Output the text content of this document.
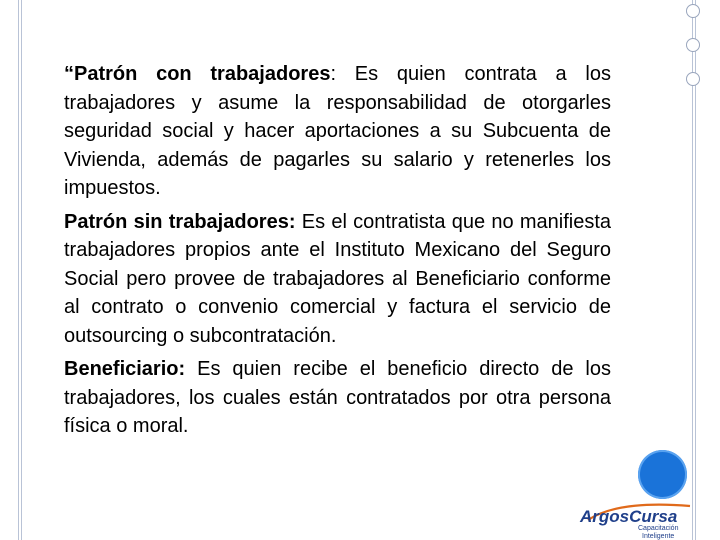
“Patrón con trabajadores: Es quien contrata a los trabajadores y asume la responsabilidad de otorgarles seguridad social y hacer aportaciones a su Subcuenta de Vivienda, además de pagarles su salario y retenerles los impuestos.

Patrón sin trabajadores: Es el contratista que no manifiesta trabajadores propios ante el Instituto Mexicano del Seguro Social pero provee de trabajadores al Beneficiario conforme al contrato o convenio comercial y factura el servicio de outsourcing o subcontratación.

Beneficiario: Es quien recibe el beneficio directo de los trabajadores, los cuales están contratados por otra persona física o moral.

ArgosCursa
Capacitación
Inteligente
